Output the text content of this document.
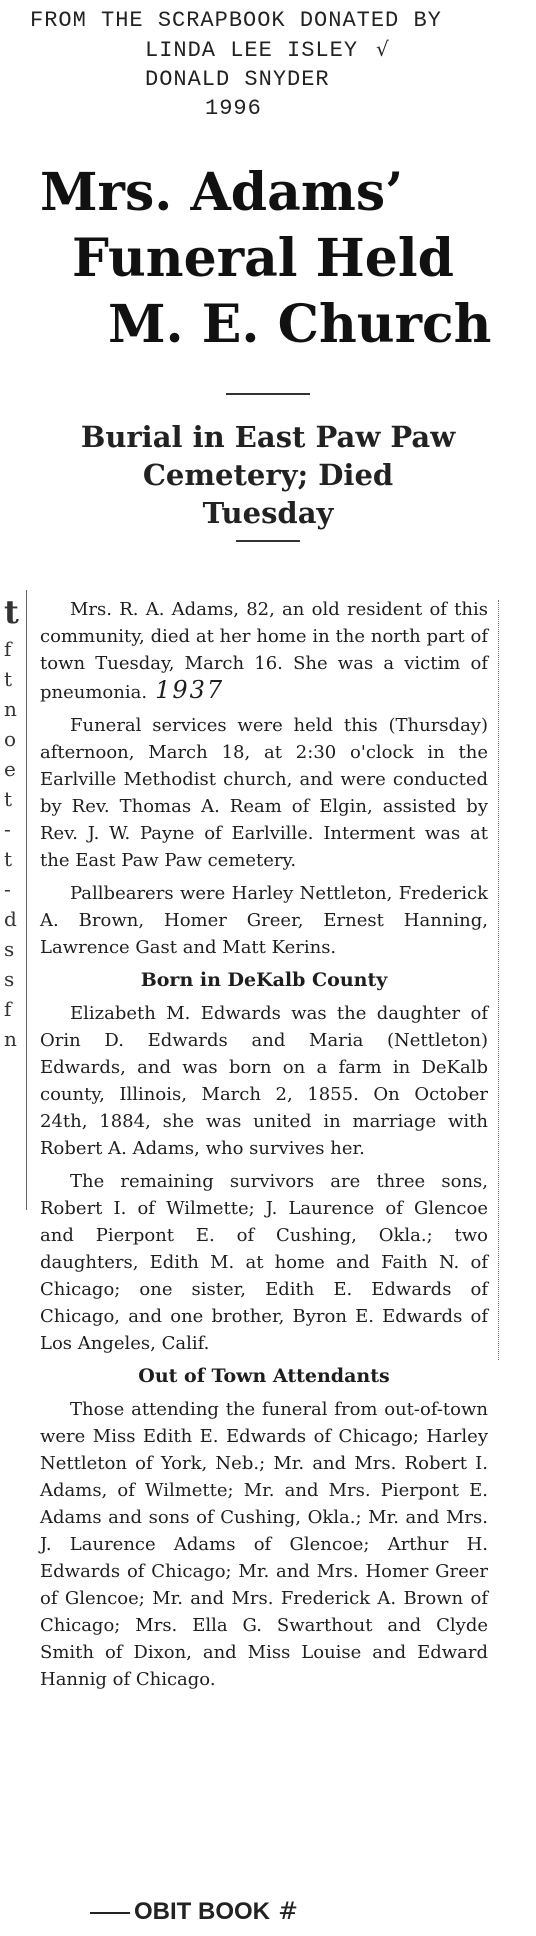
FROM THE SCRAPBOOK DONATED BY
LINDA LEE ISLEY √
DONALD SNYDER
1996
Mrs. Adams’
Funeral Held
M. E. Church
Burial in East Paw Paw
Cemetery; Died
Tuesday
t
f
t
n
o
e
t
-
t
-
d
s
s
f
n

Mrs. R. A. Adams, 82, an old resident of this community, died at her home in the north part of town Tuesday, March 16. She was a victim of pneumonia. 1937

Funeral services were held this (Thursday) afternoon, March 18, at 2:30 o'clock in the Earlville Methodist church, and were conducted by Rev. Thomas A. Ream of Elgin, assisted by Rev. J. W. Payne of Earlville. Interment was at the East Paw Paw cemetery.

Pallbearers were Harley Nettleton, Frederick A. Brown, Homer Greer, Ernest Hanning, Lawrence Gast and Matt Kerins.

Born in DeKalb County

Elizabeth M. Edwards was the daughter of Orin D. Edwards and Maria (Nettleton) Edwards, and was born on a farm in DeKalb county, Illinois, March 2, 1855. On October 24th, 1884, she was united in marriage with Robert A. Adams, who survives her.

The remaining survivors are three sons, Robert I. of Wilmette; J. Laurence of Glencoe and Pierpont E. of Cushing, Okla.; two daughters, Edith M. at home and Faith N. of Chicago; one sister, Edith E. Edwards of Chicago, and one brother, Byron E. Edwards of Los Angeles, Calif.

Out of Town Attendants

Those attending the funeral from out-of-town were Miss Edith E. Edwards of Chicago; Harley Nettleton of York, Neb.; Mr. and Mrs. Robert I. Adams, of Wilmette; Mr. and Mrs. Pierpont E. Adams and sons of Cushing, Okla.; Mr. and Mrs. J. Laurence Adams of Glencoe; Arthur H. Edwards of Chicago; Mr. and Mrs. Homer Greer of Glencoe; Mr. and Mrs. Frederick A. Brown of Chicago; Mrs. Ella G. Swarthout and Clyde Smith of Dixon, and Miss Louise and Edward Hannig of Chicago.

OBIT BOOK #
